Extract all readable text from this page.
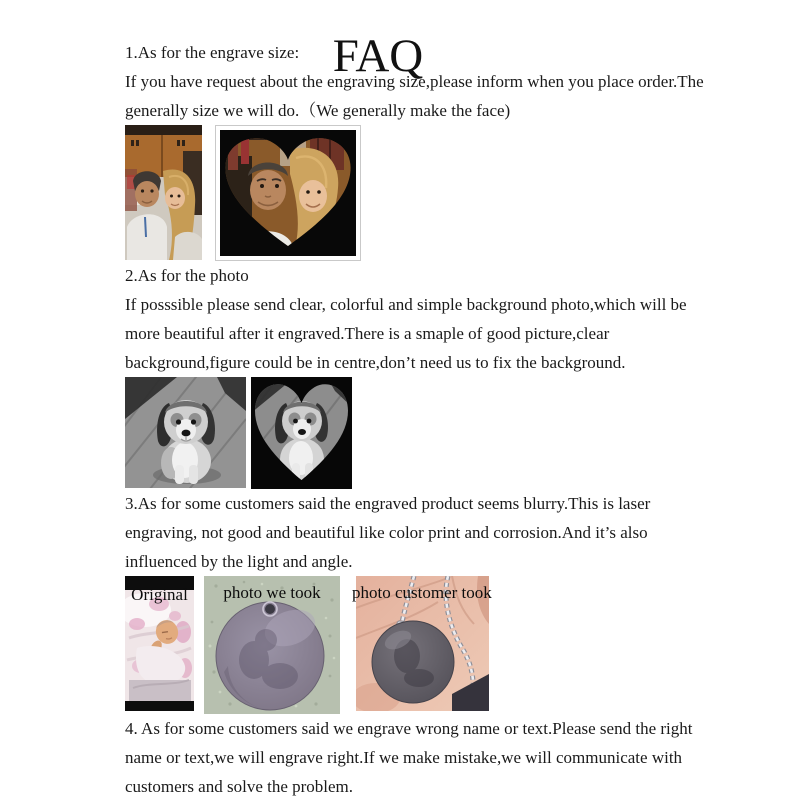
FAQ

1.As for the engrave size:

If you have request about the engraving size,please inform when you place order.The generally size we will do.（We generally make the face)

2.As for the photo

If posssible please send clear, colorful and simple background photo,which will be more beautiful after it engraved.There is a smaple of good picture,clear background,figure could be in centre,don’t need us to fix the background.

3.As for some customers said the engraved product seems blurry.This is laser engraving, not good and beautiful like color print and corrosion.And it’s also influenced by the light and angle.

Original	photo we took	photo customer took

4. As for some customers said we engrave wrong name or text.Please send the right name or text,we will engrave right.If we make mistake,we will communicate with customers and solve the problem.
